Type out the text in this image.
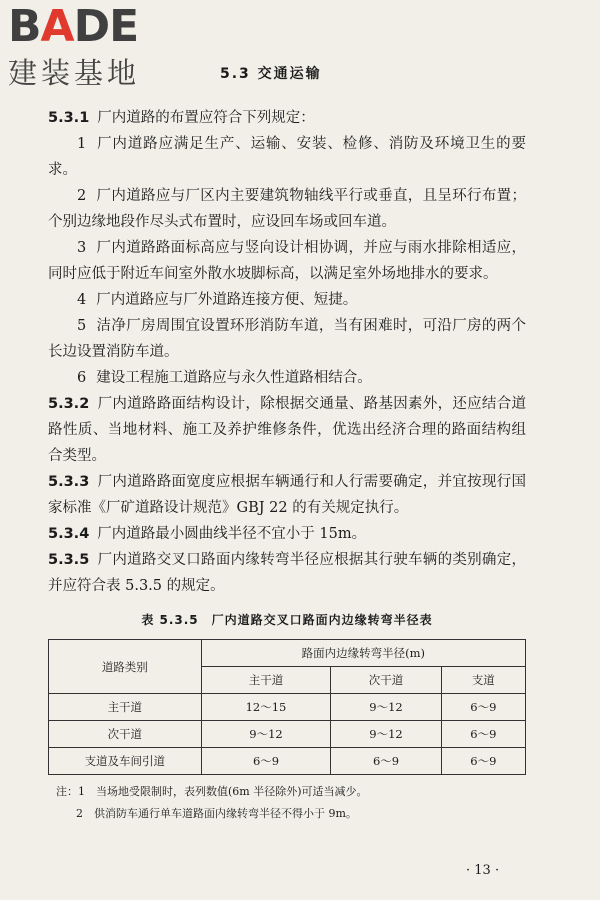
BADE
建装基地	5.3 交通运输

5.3.1 厂内道路的布置应符合下列规定：

1 厂内道路应满足生产、运输、安装、检修、消防及环境卫生的要求。

2 厂内道路应与厂区内主要建筑物轴线平行或垂直，且呈环行布置；个别边缘地段作尽头式布置时，应设回车场或回车道。

3 厂内道路路面标高应与竖向设计相协调，并应与雨水排除相适应，同时应低于附近车间室外散水坡脚标高，以满足室外场地排水的要求。

4 厂内道路应与厂外道路连接方便、短捷。

5 洁净厂房周围宜设置环形消防车道，当有困难时，可沿厂房的两个长边设置消防车道。

6 建设工程施工道路应与永久性道路相结合。

5.3.2 厂内道路路面结构设计，除根据交通量、路基因素外，还应结合道路性质、当地材料、施工及养护维修条件，优选出经济合理的路面结构组合类型。

5.3.3 厂内道路路面宽度应根据车辆通行和人行需要确定，并宜按现行国家标准《厂矿道路设计规范》GBJ 22 的有关规定执行。

5.3.4 厂内道路最小圆曲线半径不宜小于 15m。

5.3.5 厂内道路交叉口路面内缘转弯半径应根据其行驶车辆的类别确定，并应符合表 5.3.5 的规定。

表 5.3.5　厂内道路交叉口路面内边缘转弯半径表
道路类别	路面内边缘转弯半径(m)		
	主干道	次干道	支道
主干道	12～15	9～12	6～9
次干道	9～12	9～12	6～9
支道及车间引道	6～9	6～9	6～9
注：1　当场地受限制时，表列数值(6m 半径除外)可适当减少。
2　供消防车通行单车道路面内缘转弯半径不得小于 9m。
· 13 ·
